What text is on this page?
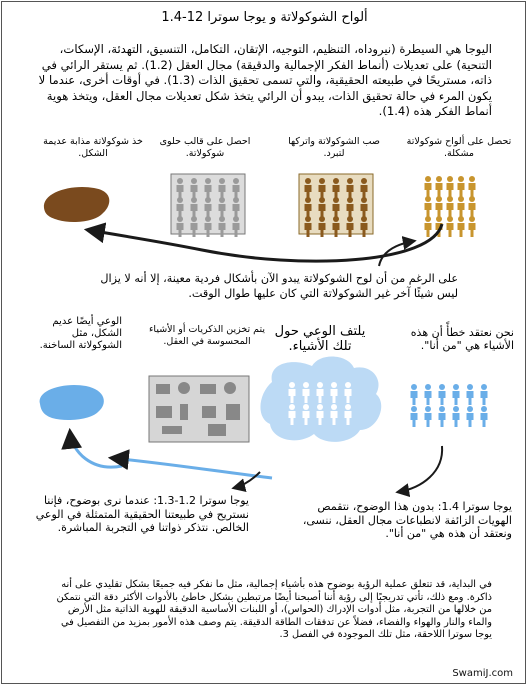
ألواح الشوكولاتة و يوجا سوترا 12-1.4

اليوجا هي السيطرة (نيروداه، التنظيم، التوجيه، الإتقان، التكامل، التنسيق، التهدئة، الإسكات، التنحية) على تعديلات (أنماط الفكر الإجمالية والدقيقة) مجال العقل (1.2). ثم يستقر الرائي في ذاته، مستريحًا في طبيعته الحقيقية، والتي تسمى تحقيق الذات (1.3). في أوقات أخرى، عندما لا يكون المرء في حالة تحقيق الذات، يبدو أن الرائي يتخذ شكل تعديلات مجال العقل، ويتخذ هوية أنماط الفكر هذه (1.4).

تحصل على ألواح شوكولاتة مشكلة.

صب الشوكولاتة واتركها لتبرد.

احصل على قالب حلوى شوكولاتة.

خذ شوكولاتة مذابة عديمة الشكل.

على الرغم من أن لوح الشوكولاتة يبدو الآن بأشكال فردية معينة، إلا أنه لا يزال ليس شيئًا آخر غير الشوكولاتة التي كان عليها طوال الوقت.

نحن نعتقد خطأً أن هذه الأشياء هي "من أنا".

يلتف الوعي حول تلك الأشياء.

يتم تخزين الذكريات أو الأشياء المحسوسة في العقل.

الوعي أيضًا عديم الشكل، مثل الشوكولاتة الساخنة.

يوجا سوترا 1.4: بدون هذا الوضوح، نتقمص الهويات الزائفة لانطباعات مجال العقل، ننسى، ونعتقد أن هذه هي "من أنا".

يوجا سوترا 1.2-1.3: عندما نرى بوضوح، فإننا نستريح في طبيعتنا الحقيقية المتمثلة في الوعي الخالص. نتذكر ذواتنا في التجربة المباشرة.

في البداية، قد تتعلق عملية الرؤية بوضوح هذه بأشياء إجمالية، مثل ما نفكر فيه جميعًا بشكل تقليدي على أنه ذاكرة. ومع ذلك، تأتي تدريجيًا إلى رؤية أننا أصبحنا أيضًا مرتبطين بشكل خاطئ بالأدوات الأكثر دقة التي نتمكن من خلالها من التجربة، مثل أدوات الإدراك (الحواس)، أو اللبنات الأساسية الدقيقة للهوية الذاتية مثل الأرض والماء والنار والهواء والفضاء، فضلاً عن تدفقات الطاقة الدقيقة. يتم وصف هذه الأمور بمزيد من التفصيل في يوجا سوترا اللاحقة، مثل تلك الموجودة في الفصل 3.

SwamiJ.com
